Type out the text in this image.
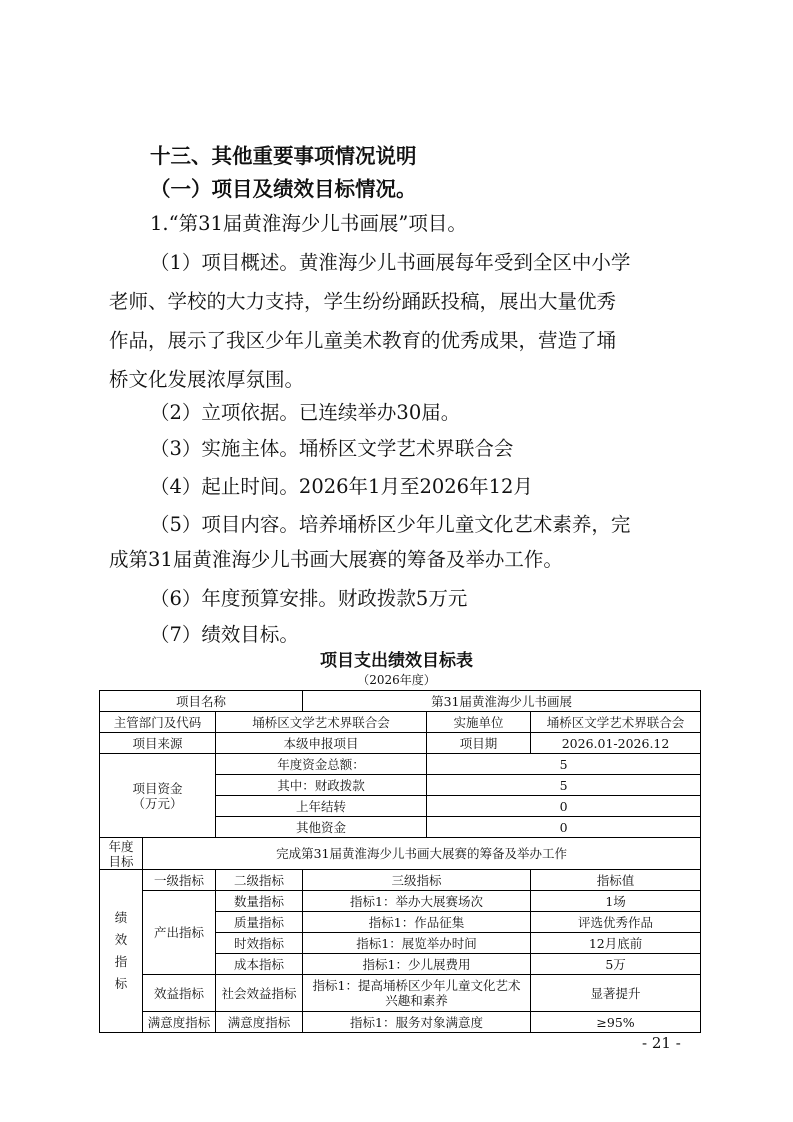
十三、其他重要事项情况说明
（一）项目及绩效目标情况。
1.“第31届黄淮海少儿书画展”项目。
（1）项目概述。黄淮海少儿书画展每年受到全区中小学
老师、学校的大力支持，学生纷纷踊跃投稿，展出大量优秀
作品，展示了我区少年儿童美术教育的优秀成果，营造了埇
桥文化发展浓厚氛围。
（2）立项依据。已连续举办30届。
（3）实施主体。埇桥区文学艺术界联合会
（4）起止时间。2026年1月至2026年12月
（5）项目内容。培养埇桥区少年儿童文化艺术素养，完
成第31届黄淮海少儿书画大展赛的筹备及举办工作。
（6）年度预算安排。财政拨款5万元
（7）绩效目标。
项目支出绩效目标表
（2026年度）
项目名称			第31届黄淮海少儿书画展		
主管部门及代码		埇桥区文学艺术界联合会		实施单位	埇桥区文学艺术界联合会
项目来源		本级申报项目		项目期	2026.01-2026.12

项目资金
（万元）		年度资金总额：		5	
		其中：财政拨款		5	
		上年结转		0	
		其他资金		0	

年度
目标	完成第31届黄淮海少儿书画大展赛的筹备及举办工作				

绩
效
指
标	一级指标	二级指标	三级指标		指标值
	产出指标	数量指标	指标1：举办大展赛场次		1场
		质量指标	指标1：作品征集		评选优秀作品
		时效指标	指标1：展览举办时间		12月底前
		成本指标	指标1：少儿展费用		5万
	效益指标	社会效益指标	指标1：提高埇桥区少年儿童文化艺术兴趣和素养		显著提升
	满意度指标	满意度指标	指标1：服务对象满意度		≥95%
- 21 -
